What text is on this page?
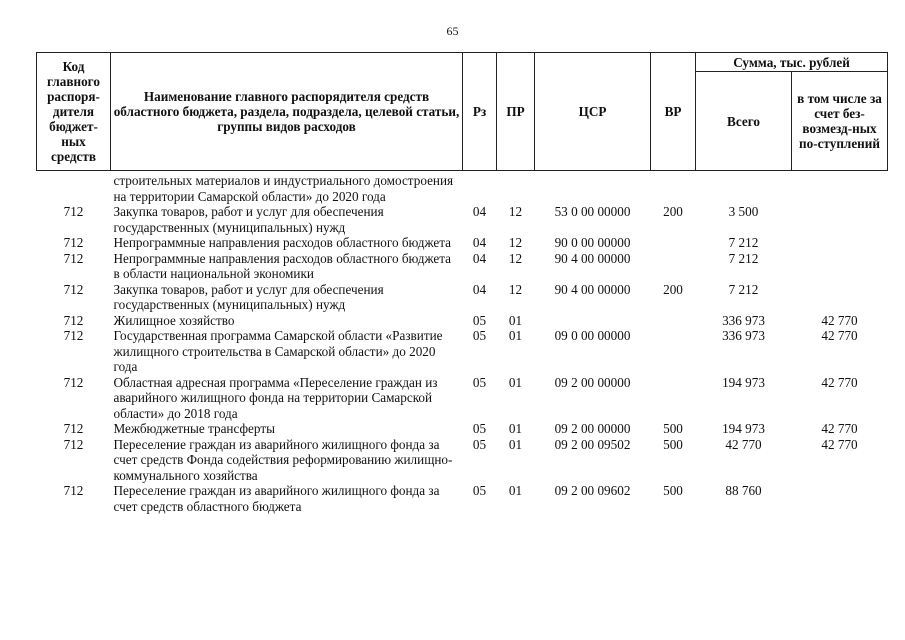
65
Код главного распоря-дителя бюджет-ных средств	Наименование главного распорядителя средств областного бюджета, раздела, подраздела, целевой статьи, группы видов расходов	Рз	ПР	ЦСР	ВР	Сумма, тыс. рублей	
						Всего	в том числе за счет без-возмезд-ных по-ступлений

	строительных материалов и индустриального домостроения на территории Самарской области» до 2020 года						
712	Закупка товаров, работ и услуг для обеспечения государственных (муниципальных) нужд	04	12	53 0 00 00000	200	3 500	
712	Непрограммные направления расходов областного бюджета	04	12	90 0 00 00000		7 212	
712	Непрограммные направления расходов областного бюджета в области национальной экономики	04	12	90 4 00 00000		7 212	
712	Закупка товаров, работ и услуг для обеспечения государственных (муниципальных) нужд	04	12	90 4 00 00000	200	7 212	
712	Жилищное хозяйство	05	01			336 973	42 770
712	Государственная программа Самарской области «Развитие жилищного строительства в Самарской области» до 2020 года	05	01	09 0 00 00000		336 973	42 770
712	Областная адресная программа «Переселение граждан из аварийного жилищного фонда на территории Самарской области» до 2018 года	05	01	09 2 00 00000		194 973	42 770
712	Межбюджетные трансферты	05	01	09 2 00 00000	500	194 973	42 770
712	Переселение граждан из аварийного жилищного фонда за счет средств Фонда содействия реформированию жилищно-коммунального хозяйства	05	01	09 2 00 09502	500	42 770	42 770
712	Переселение граждан из аварийного жилищного фонда за счет средств областного бюджета	05	01	09 2 00 09602	500	88 760	
